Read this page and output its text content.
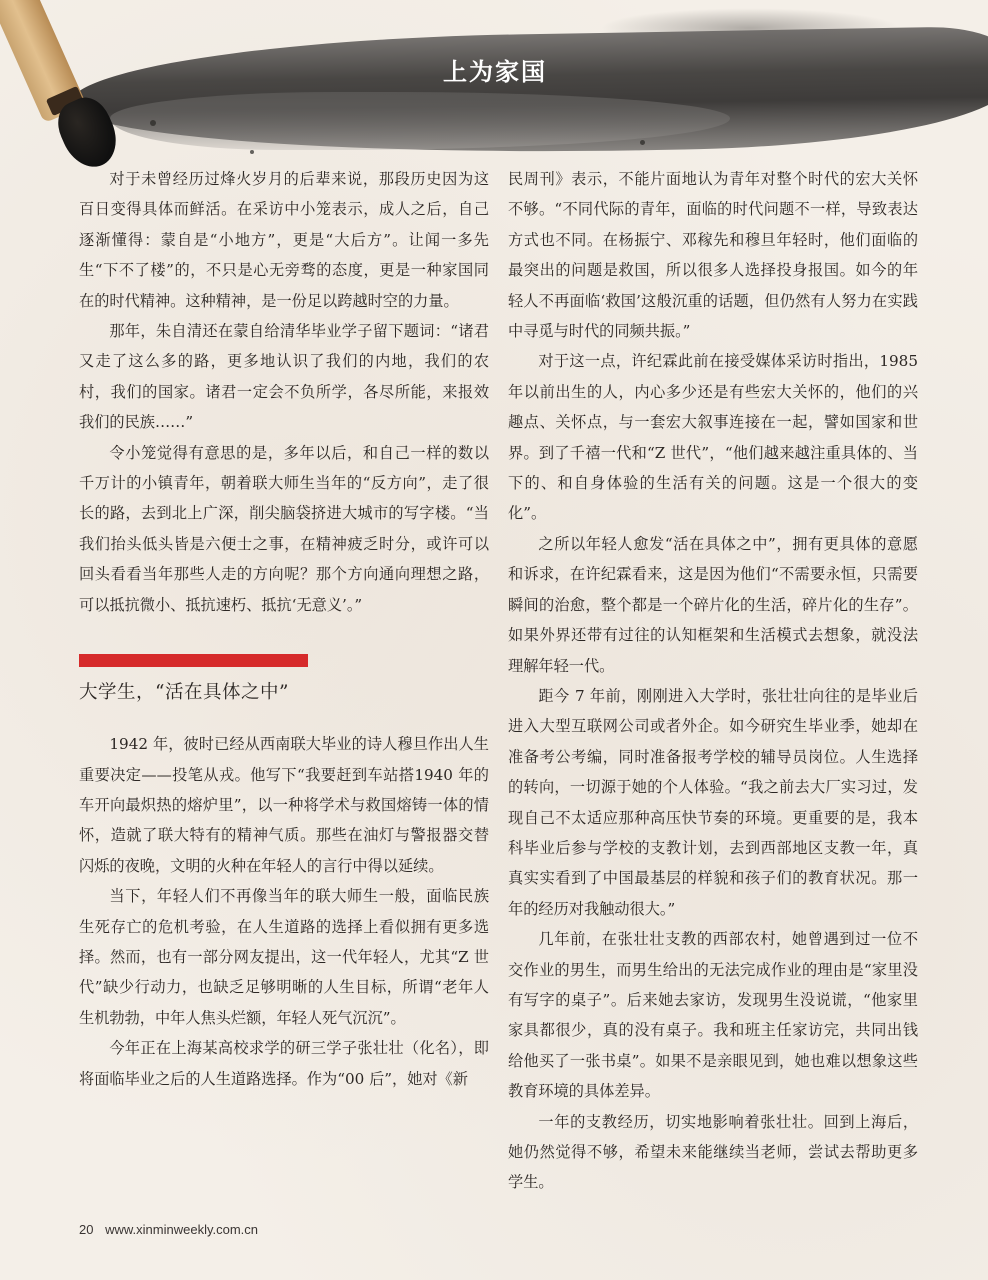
上为家国

对于未曾经历过烽火岁月的后辈来说，那段历史因为这百日变得具体而鲜活。在采访中小笼表示，成人之后，自己逐渐懂得：蒙自是“小地方”，更是“大后方”。让闻一多先生“下不了楼”的，不只是心无旁骛的态度，更是一种家国同在的时代精神。这种精神，是一份足以跨越时空的力量。

那年，朱自清还在蒙自给清华毕业学子留下题词：“诸君又走了这么多的路，更多地认识了我们的内地，我们的农村，我们的国家。诸君一定会不负所学，各尽所能，来报效我们的民族……”

令小笼觉得有意思的是，多年以后，和自己一样的数以千万计的小镇青年，朝着联大师生当年的“反方向”，走了很长的路，去到北上广深，削尖脑袋挤进大城市的写字楼。“当我们抬头低头皆是六便士之事，在精神疲乏时分，或许可以回头看看当年那些人走的方向呢？那个方向通向理想之路，可以抵抗微小、抵抗速朽、抵抗‘无意义’。”

大学生，“活在具体之中”

1942 年，彼时已经从西南联大毕业的诗人穆旦作出人生重要决定——投笔从戎。他写下“我要赶到车站搭1940 年的车开向最炽热的熔炉里”，以一种将学术与救国熔铸一体的情怀，造就了联大特有的精神气质。那些在油灯与警报器交替闪烁的夜晚，文明的火种在年轻人的言行中得以延续。

当下，年轻人们不再像当年的联大师生一般，面临民族生死存亡的危机考验，在人生道路的选择上看似拥有更多选择。然而，也有一部分网友提出，这一代年轻人，尤其“Z 世代”缺少行动力，也缺乏足够明晰的人生目标，所谓“老年人生机勃勃，中年人焦头烂额，年轻人死气沉沉”。

今年正在上海某高校求学的研三学子张壮壮（化名），即将面临毕业之后的人生道路选择。作为“00 后”，她对《新

民周刊》表示，不能片面地认为青年对整个时代的宏大关怀不够。“不同代际的青年，面临的时代问题不一样，导致表达方式也不同。在杨振宁、邓稼先和穆旦年轻时，他们面临的最突出的问题是救国，所以很多人选择投身报国。如今的年轻人不再面临‘救国’这般沉重的话题，但仍然有人努力在实践中寻觅与时代的同频共振。”

对于这一点，许纪霖此前在接受媒体采访时指出，1985 年以前出生的人，内心多少还是有些宏大关怀的，他们的兴趣点、关怀点，与一套宏大叙事连接在一起，譬如国家和世界。到了千禧一代和“Z 世代”，“他们越来越注重具体的、当下的、和自身体验的生活有关的问题。这是一个很大的变化”。

之所以年轻人愈发“活在具体之中”，拥有更具体的意愿和诉求，在许纪霖看来，这是因为他们“不需要永恒，只需要瞬间的治愈，整个都是一个碎片化的生活，碎片化的生存”。如果外界还带有过往的认知框架和生活模式去想象，就没法理解年轻一代。

距今 7 年前，刚刚进入大学时，张壮壮向往的是毕业后进入大型互联网公司或者外企。如今研究生毕业季，她却在准备考公考编，同时准备报考学校的辅导员岗位。人生选择的转向，一切源于她的个人体验。“我之前去大厂实习过，发现自己不太适应那种高压快节奏的环境。更重要的是，我本科毕业后参与学校的支教计划，去到西部地区支教一年，真真实实看到了中国最基层的样貌和孩子们的教育状况。那一年的经历对我触动很大。”

几年前，在张壮壮支教的西部农村，她曾遇到过一位不交作业的男生，而男生给出的无法完成作业的理由是“家里没有写字的桌子”。后来她去家访，发现男生没说谎，“他家里家具都很少，真的没有桌子。我和班主任家访完，共同出钱给他买了一张书桌”。如果不是亲眼见到，她也难以想象这些教育环境的具体差异。

一年的支教经历，切实地影响着张壮壮。回到上海后，她仍然觉得不够，希望未来能继续当老师，尝试去帮助更多学生。

20 www.xinminweekly.com.cn
